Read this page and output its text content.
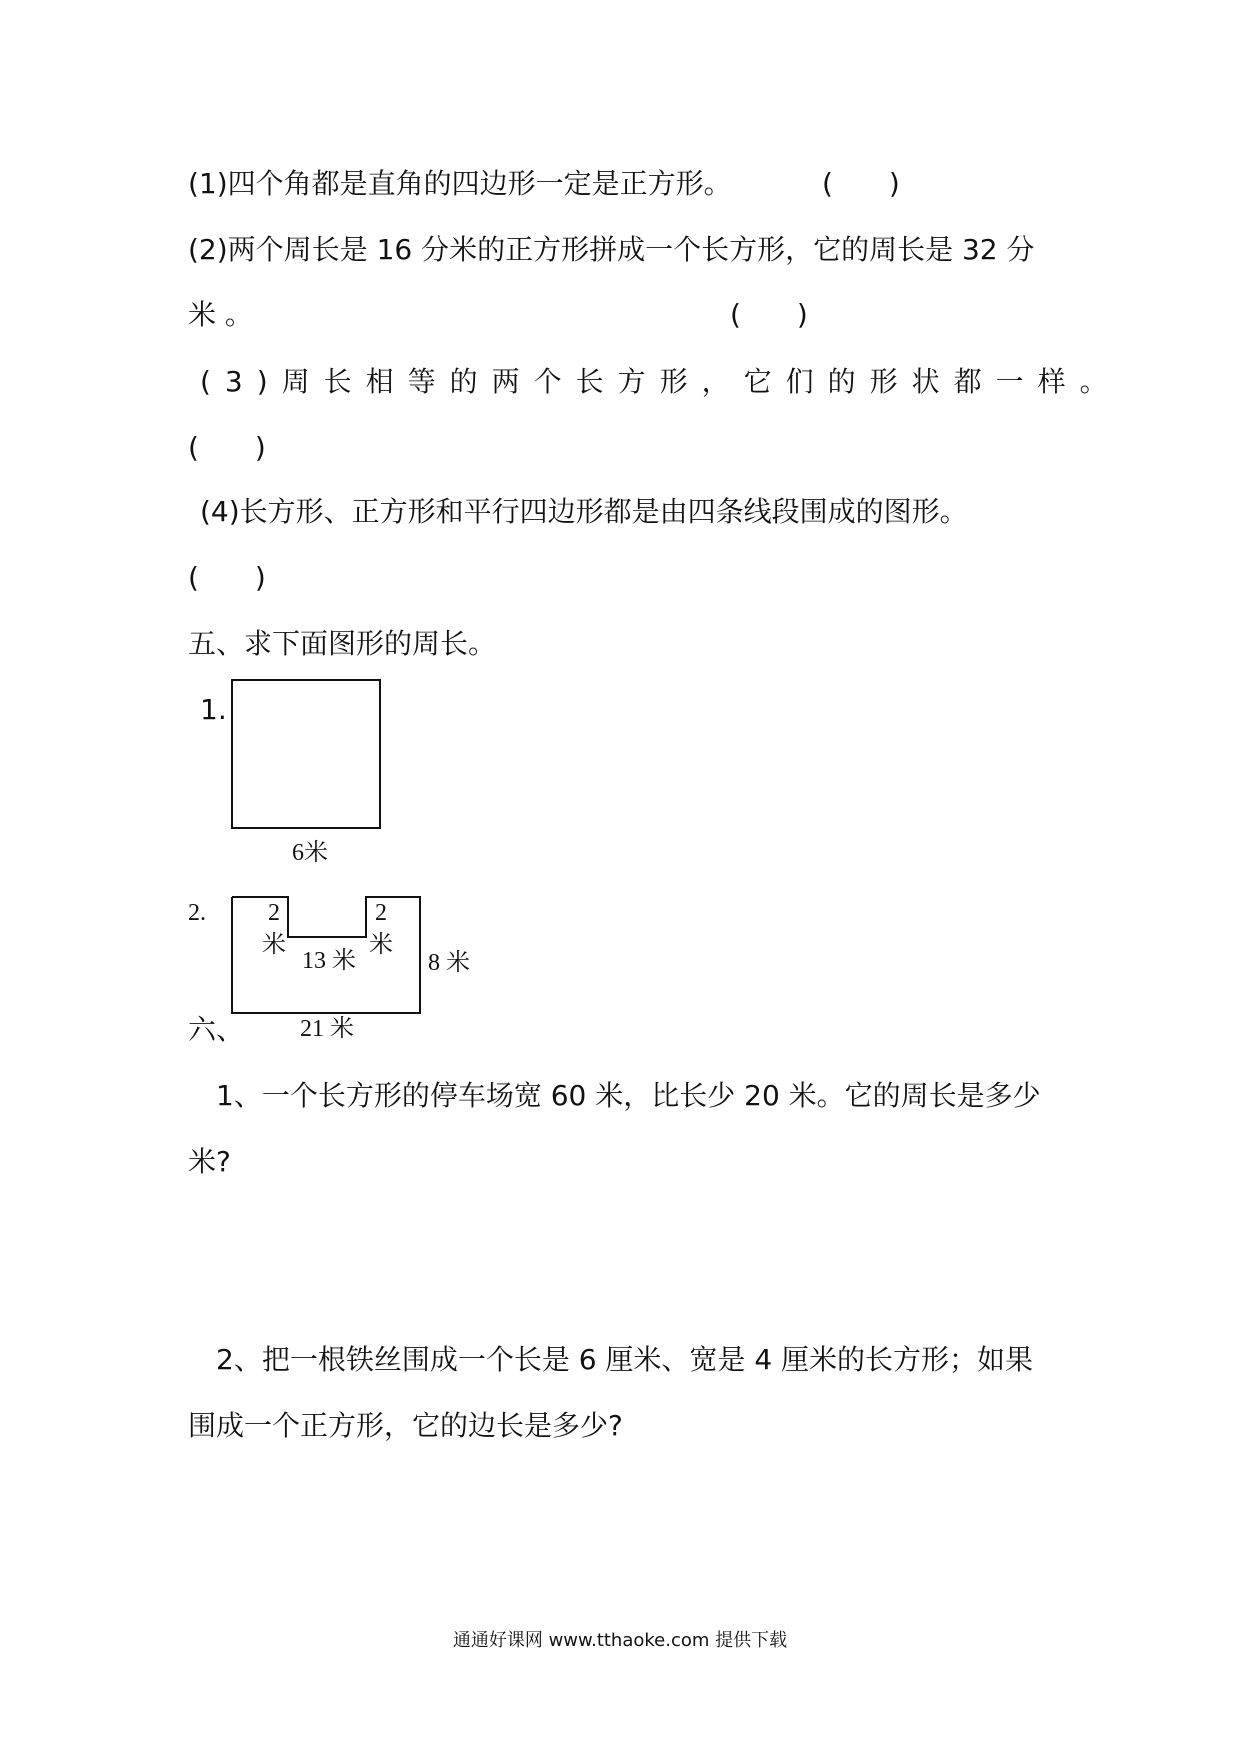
(1)四个角都是直角的四边形一定是正方形。	(　　)
(2)两个周长是 16 分米的正方形拼成一个长方形，它的周长是 32 分
米 。	(　　)
(3)周长相等的两个长方形，它们的形状都一样。
(　　)
(4)长方形、正方形和平行四边形都是由四条线段围成的图形。
(　　)
五、求下面图形的周长。
1.
6米
2.	2
米
2
米
13 米	8 米
21 米
六、
1、一个长方形的停车场宽 60 米，比长少 20 米。它的周长是多少
米?
2、把一根铁丝围成一个长是 6 厘米、宽是 4 厘米的长方形；如果
围成一个正方形，它的边长是多少?
通通好课网 www.tthaoke.com 提供下载
